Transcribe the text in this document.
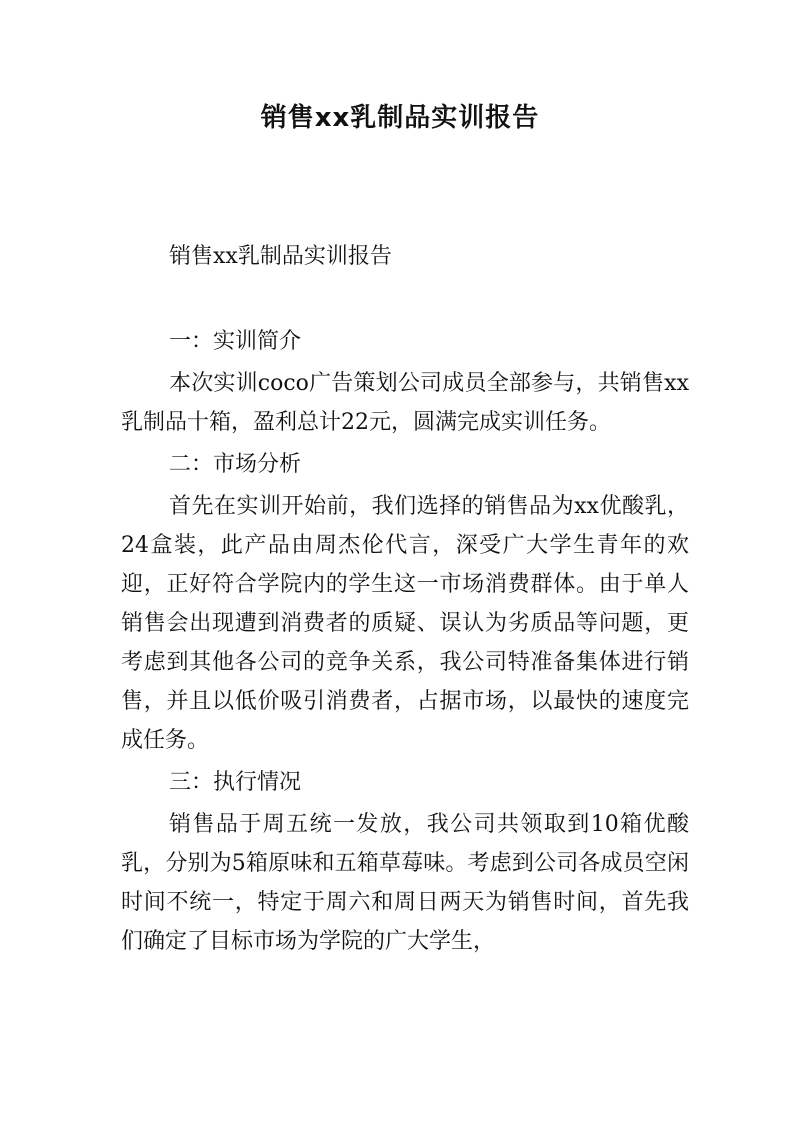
销售xx乳制品实训报告
销售xx乳制品实训报告

一：实训简介

本次实训coco广告策划公司成员全部参与，共销售xx乳制品十箱，盈利总计22元，圆满完成实训任务。

二：市场分析

首先在实训开始前，我们选择的销售品为xx优酸乳，24盒装，此产品由周杰伦代言，深受广大学生青年的欢迎，正好符合学院内的学生这一市场消费群体。由于单人销售会出现遭到消费者的质疑、误认为劣质品等问题，更考虑到其他各公司的竞争关系，我公司特准备集体进行销售，并且以低价吸引消费者，占据市场，以最快的速度完成任务。

三：执行情况

销售品于周五统一发放，我公司共领取到10箱优酸乳，分别为5箱原味和五箱草莓味。考虑到公司各成员空闲时间不统一，特定于周六和周日两天为销售时间，首先我们确定了目标市场为学院的广大学生，
